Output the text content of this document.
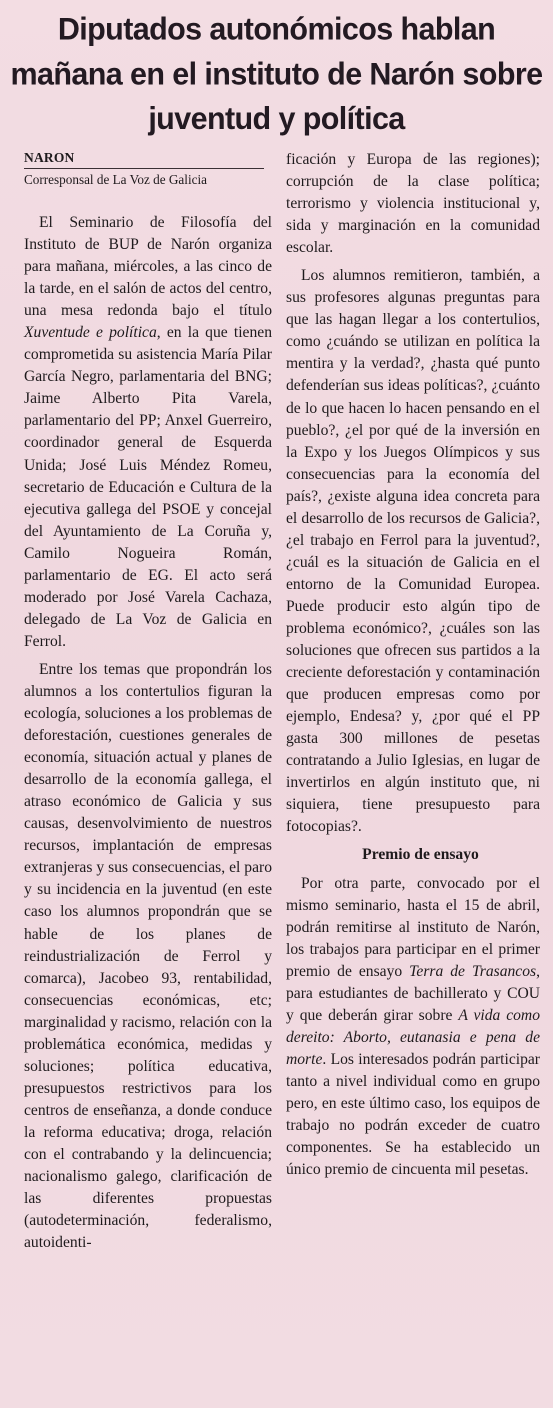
Diputados autonómicos hablan mañana en el instituto de Narón sobre juventud y política
NARON
Corresponsal de La Voz de Galicia

El Seminario de Filosofía del Instituto de BUP de Narón organiza para mañana, miércoles, a las cinco de la tarde, en el salón de actos del centro, una mesa redonda bajo el título Xuventude e política, en la que tienen comprometida su asistencia María Pilar García Negro, parlamentaria del BNG; Jaime Alberto Pita Varela, parlamentario del PP; Anxel Guerreiro, coordinador general de Esquerda Unida; José Luis Méndez Romeu, secretario de Educación e Cultura de la ejecutiva gallega del PSOE y concejal del Ayuntamiento de La Coruña y, Camilo Nogueira Román, parlamentario de EG. El acto será moderado por José Varela Cachaza, delegado de La Voz de Galicia en Ferrol.

Entre los temas que propondrán los alumnos a los contertulios figuran la ecología, soluciones a los problemas de deforestación, cuestiones generales de economía, situación actual y planes de desarrollo de la economía gallega, el atraso económico de Galicia y sus causas, desenvolvimiento de nuestros recursos, implantación de empresas extranjeras y sus consecuencias, el paro y su incidencia en la juventud (en este caso los alumnos propondrán que se hable de los planes de reindustrialización de Ferrol y comarca), Jacobeo 93, rentabilidad, consecuencias económicas, etc; marginalidad y racismo, relación con la problemática económica, medidas y soluciones; política educativa, presupuestos restrictivos para los centros de enseñanza, a donde conduce la reforma educativa; droga, relación con el contrabando y la delincuencia; nacionalismo galego, clarificación de las diferentes propuestas (autodeterminación, federalismo, autoidenti-

ficación y Europa de las regiones); corrupción de la clase política; terrorismo y violencia institucional y, sida y marginación en la comunidad escolar.

Los alumnos remitieron, también, a sus profesores algunas preguntas para que las hagan llegar a los contertulios, como ¿cuándo se utilizan en política la mentira y la verdad?, ¿hasta qué punto defenderían sus ideas políticas?, ¿cuánto de lo que hacen lo hacen pensando en el pueblo?, ¿el por qué de la inversión en la Expo y los Juegos Olímpicos y sus consecuencias para la economía del país?, ¿existe alguna idea concreta para el desarrollo de los recursos de Galicia?, ¿el trabajo en Ferrol para la juventud?, ¿cuál es la situación de Galicia en el entorno de la Comunidad Europea. Puede producir esto algún tipo de problema económico?, ¿cuáles son las soluciones que ofrecen sus partidos a la creciente deforestación y contaminación que producen empresas como por ejemplo, Endesa? y, ¿por qué el PP gasta 300 millones de pesetas contratando a Julio Iglesias, en lugar de invertirlos en algún instituto que, ni siquiera, tiene presupuesto para fotocopias?.

Premio de ensayo

Por otra parte, convocado por el mismo seminario, hasta el 15 de abril, podrán remitirse al instituto de Narón, los trabajos para participar en el primer premio de ensayo Terra de Trasancos, para estudiantes de bachillerato y COU y que deberán girar sobre A vida como dereito: Aborto, eutanasia e pena de morte. Los interesados podrán participar tanto a nivel individual como en grupo pero, en este último caso, los equipos de trabajo no podrán exceder de cuatro componentes. Se ha establecido un único premio de cincuenta mil pesetas.
